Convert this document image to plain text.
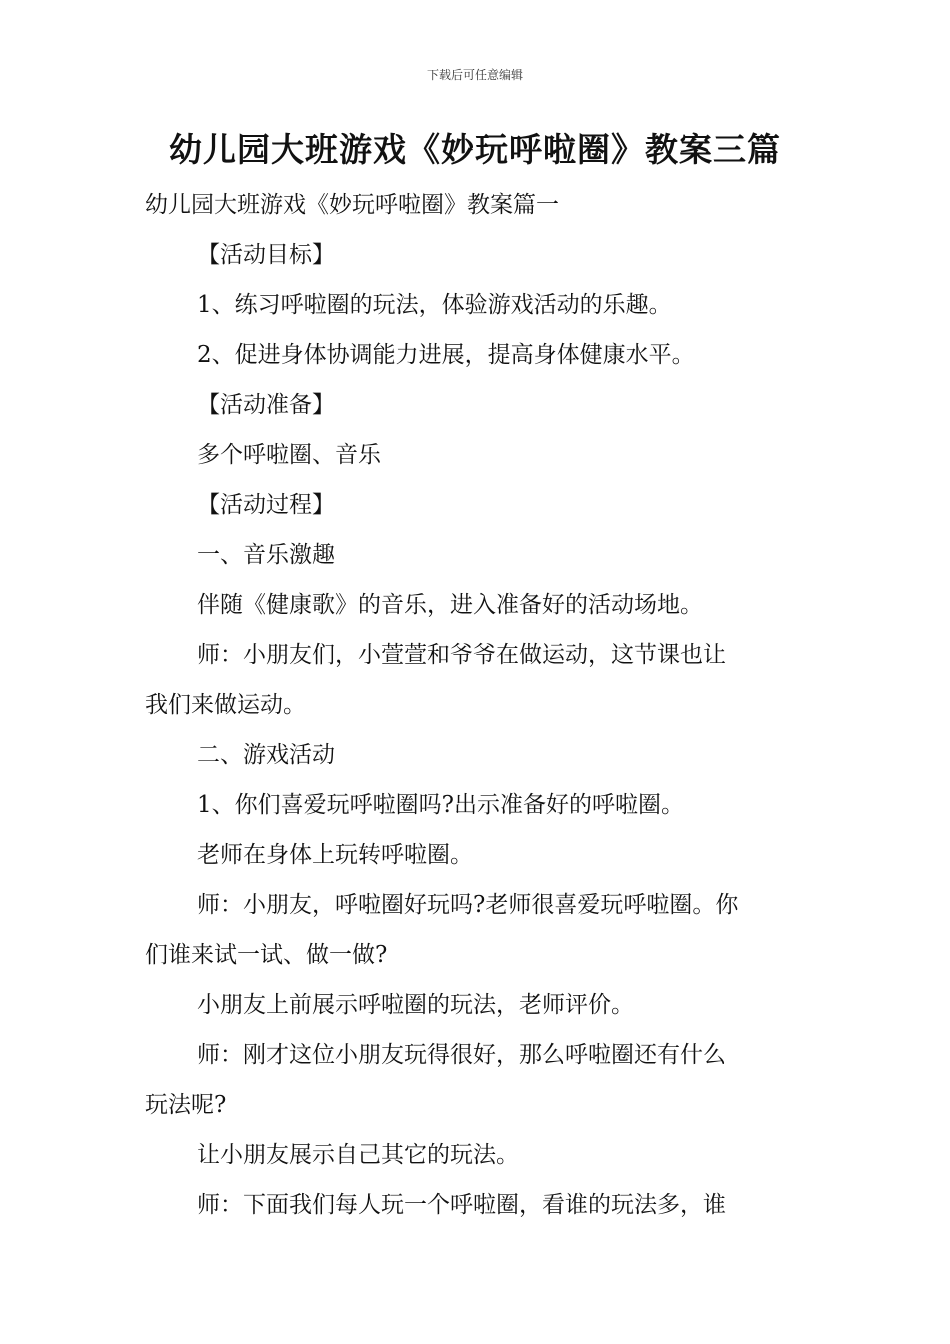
下载后可任意编辑
幼儿园大班游戏《妙玩呼啦圈》教案三篇
幼儿园大班游戏《妙玩呼啦圈》教案篇一
【活动目标】
1、练习呼啦圈的玩法，体验游戏活动的乐趣。
2、促进身体协调能力进展，提高身体健康水平。
【活动准备】
多个呼啦圈、音乐
【活动过程】
一、音乐激趣
伴随《健康歌》的音乐，进入准备好的活动场地。
师：小朋友们，小萱萱和爷爷在做运动，这节课也让
我们来做运动。
二、游戏活动
1、你们喜爱玩呼啦圈吗?出示准备好的呼啦圈。
老师在身体上玩转呼啦圈。
师：小朋友，呼啦圈好玩吗?老师很喜爱玩呼啦圈。你
们谁来试一试、做一做?
小朋友上前展示呼啦圈的玩法，老师评价。
师：刚才这位小朋友玩得很好，那么呼啦圈还有什么
玩法呢?
让小朋友展示自己其它的玩法。
师：下面我们每人玩一个呼啦圈，看谁的玩法多，谁
